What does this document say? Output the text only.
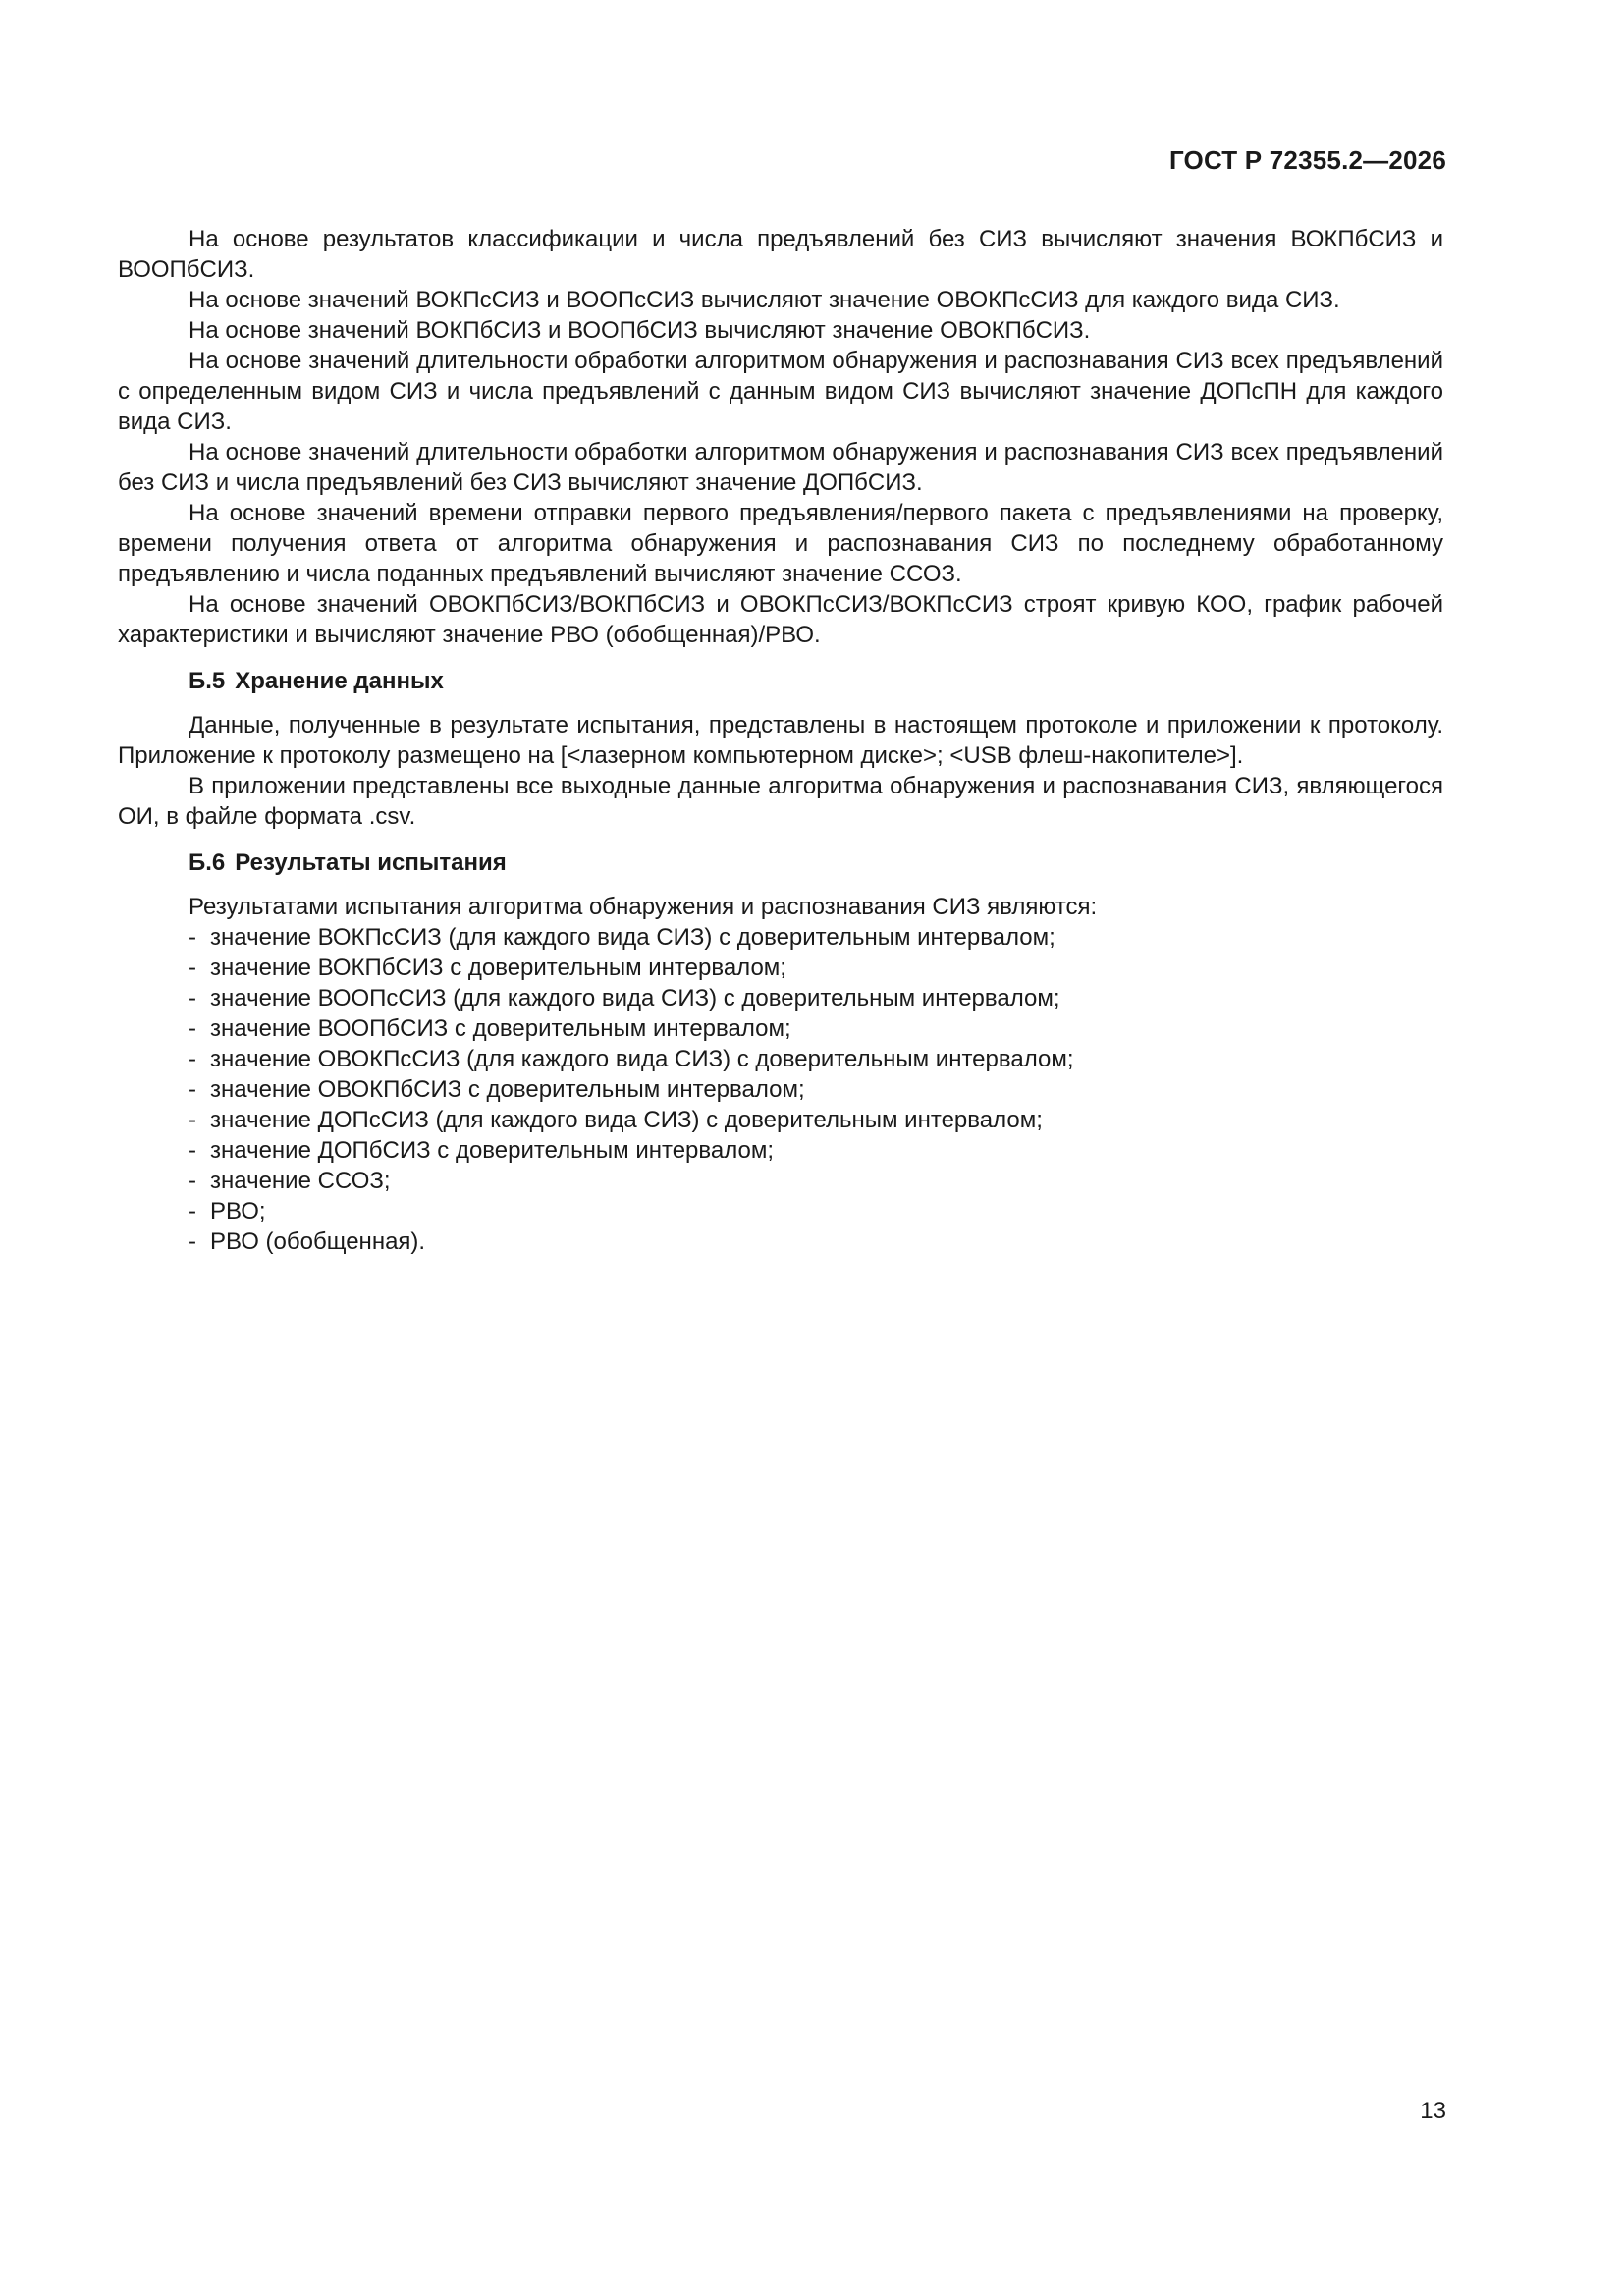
ГОСТ Р 72355.2—2026

На основе результатов классификации и числа предъявлений без СИЗ вычисляют значения ВОКПбСИЗ и ВООПбСИЗ.

На основе значений ВОКПсСИЗ и ВООПсСИЗ вычисляют значение ОВОКПсСИЗ для каждого вида СИЗ.

На основе значений ВОКПбСИЗ и ВООПбСИЗ вычисляют значение ОВОКПбСИЗ.

На основе значений длительности обработки алгоритмом обнаружения и распознавания СИЗ всех предъявлений с определенным видом СИЗ и числа предъявлений с данным видом СИЗ вычисляют значение ДОПсПН для каждого вида СИЗ.

На основе значений длительности обработки алгоритмом обнаружения и распознавания СИЗ всех предъявлений без СИЗ и числа предъявлений без СИЗ вычисляют значение ДОПбСИЗ.

На основе значений времени отправки первого предъявления/первого пакета с предъявлениями на проверку, времени получения ответа от алгоритма обнаружения и распознавания СИЗ по последнему обработанному предъявлению и числа поданных предъявлений вычисляют значение ССОЗ.

На основе значений ОВОКПбСИЗ/ВОКПбСИЗ и ОВОКПсСИЗ/ВОКПсСИЗ строят кривую КОО, график рабочей характеристики и вычисляют значение РВО (обобщенная)/РВО.

Б.5 Хранение данных

Данные, полученные в результате испытания, представлены в настоящем протоколе и приложении к протоколу. Приложение к протоколу размещено на [<лазерном компьютерном диске>; <USB флеш-накопителе>].

В приложении представлены все выходные данные алгоритма обнаружения и распознавания СИЗ, являющегося ОИ, в файле формата .csv.

Б.6 Результаты испытания

Результатами испытания алгоритма обнаружения и распознавания СИЗ являются:

- значение ВОКПсСИЗ (для каждого вида СИЗ) с доверительным интервалом;
- значение ВОКПбСИЗ с доверительным интервалом;
- значение ВООПсСИЗ (для каждого вида СИЗ) с доверительным интервалом;
- значение ВООПбСИЗ с доверительным интервалом;
- значение ОВОКПсСИЗ (для каждого вида СИЗ) с доверительным интервалом;
- значение ОВОКПбСИЗ с доверительным интервалом;
- значение ДОПсСИЗ (для каждого вида СИЗ) с доверительным интервалом;
- значение ДОПбСИЗ с доверительным интервалом;
- значение ССОЗ;
- РВО;
- РВО (обобщенная).
13
